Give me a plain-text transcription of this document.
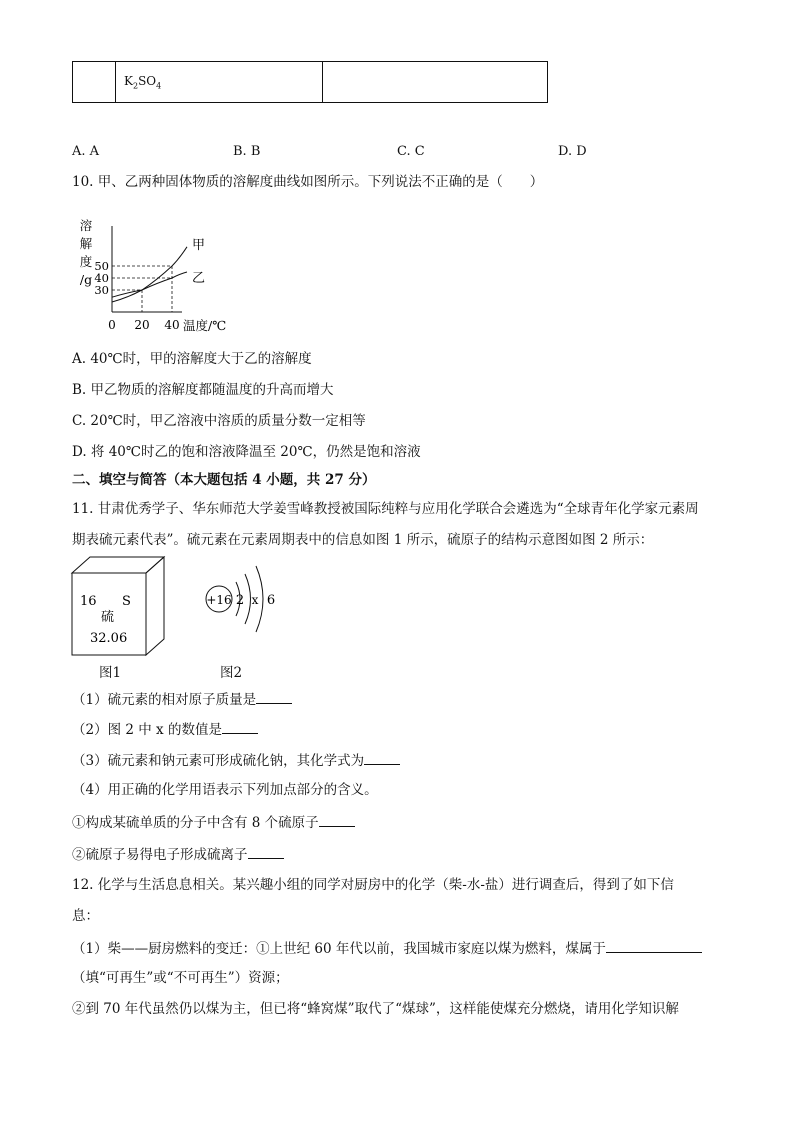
	$K_2SO_4$	
A. A	B. B	C. C	D. D
10. 甲、乙两种固体物质的溶解度曲线如图所示。下列说法不正确的是（　　）
溶
解
度
/g
50
40
30
0 20 40 温度/℃
甲
乙
A. 40℃时，甲的溶解度大于乙的溶解度
B. 甲乙物质的溶解度都随温度的升高而增大
C. 20℃时，甲乙溶液中溶质的质量分数一定相等
D. 将 40℃时乙的饱和溶液降温至 20℃，仍然是饱和溶液
二、填空与简答（本大题包括 4 小题，共 27 分）
11. 甘肃优秀学子、华东师范大学姜雪峰教授被国际纯粹与应用化学联合会遴选为“全球青年化学家元素周
期表硫元素代表”。硫元素在元素周期表中的信息如图 1 所示，硫原子的结构示意图如图 2 所示：
16 S
硫
32.06
图1
+16 2 x 6
图2
（1）硫元素的相对原子质量是
（2）图 2 中 x 的数值是
（3）硫元素和钠元素可形成硫化钠，其化学式为
（4）用正确的化学用语表示下列加点部分的含义。
①构成某硫单质的分子中含有 8 个硫原子
②硫原子易得电子形成硫离子
12. 化学与生活息息相关。某兴趣小组的同学对厨房中的化学（柴-水-盐）进行调查后，得到了如下信
息：
（1）柴——厨房燃料的变迁：①上世纪 60 年代以前，我国城市家庭以煤为燃料，煤属于
（填“可再生”或“不可再生”）资源；
②到 70 年代虽然仍以煤为主，但已将“蜂窝煤”取代了“煤球”，这样能使煤充分燃烧，请用化学知识解
